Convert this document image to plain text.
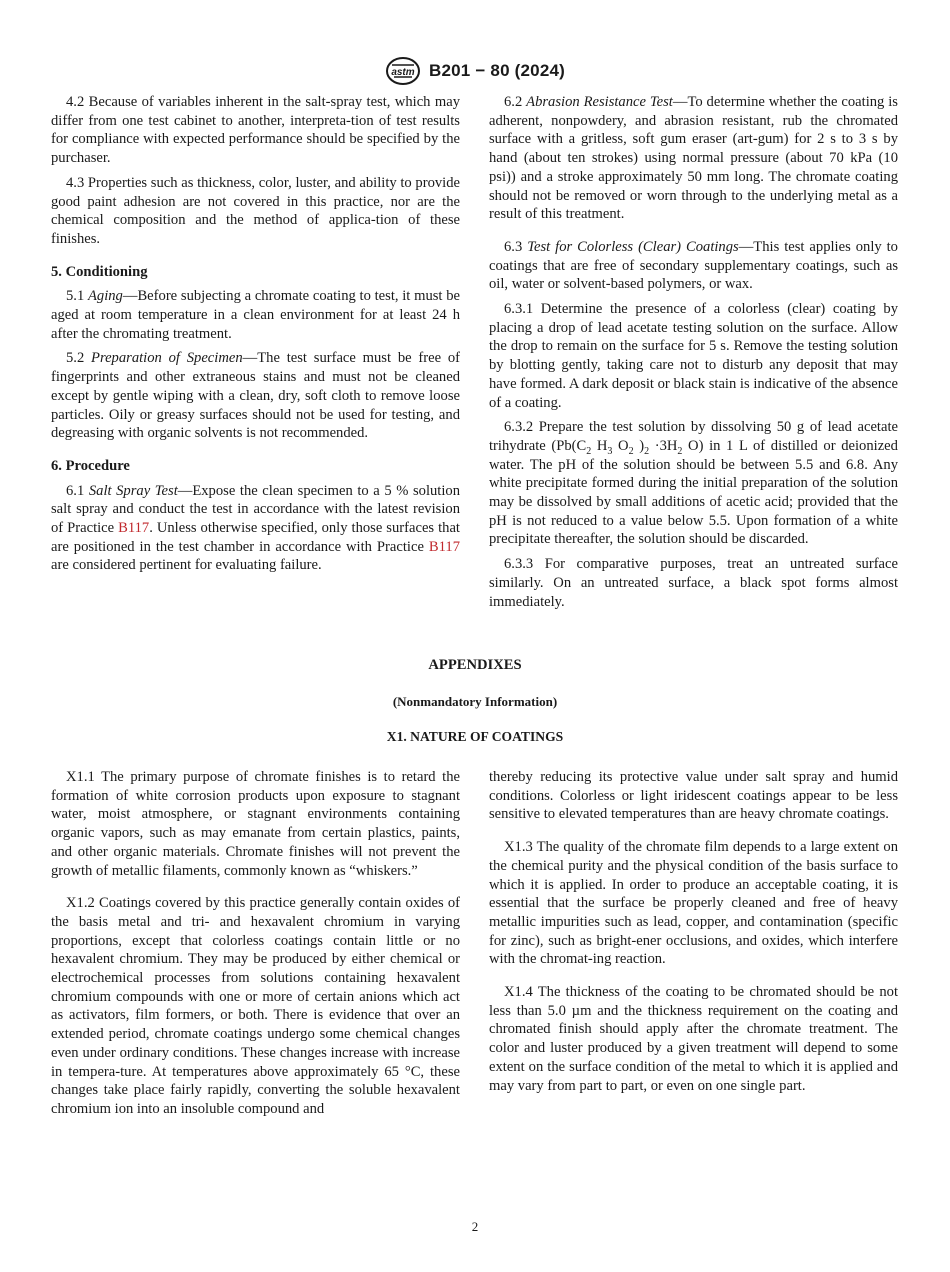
astm B201 − 80 (2024)

4.2 Because of variables inherent in the salt-spray test, which may differ from one test cabinet to another, interpreta-tion of test results for compliance with expected performance should be specified by the purchaser.

4.3 Properties such as thickness, color, luster, and ability to provide good paint adhesion are not covered in this practice, nor are the chemical composition and the method of applica-tion of these finishes.

5. Conditioning

5.1 Aging—Before subjecting a chromate coating to test, it must be aged at room temperature in a clean environment for at least 24 h after the chromating treatment.

5.2 Preparation of Specimen—The test surface must be free of fingerprints and other extraneous stains and must not be cleaned except by gentle wiping with a clean, dry, soft cloth to remove loose particles. Oily or greasy surfaces should not be used for testing, and degreasing with organic solvents is not recommended.

6. Procedure

6.1 Salt Spray Test—Expose the clean specimen to a 5 % solution salt spray and conduct the test in accordance with the latest revision of Practice B117. Unless otherwise specified, only those surfaces that are positioned in the test chamber in accordance with Practice B117 are considered pertinent for evaluating failure.

6.2 Abrasion Resistance Test—To determine whether the coating is adherent, nonpowdery, and abrasion resistant, rub the chromated surface with a gritless, soft gum eraser (art-gum) for 2 s to 3 s by hand (about ten strokes) using normal pressure (about 70 kPa (10 psi)) and a stroke approximately 50 mm long. The chromate coating should not be removed or worn through to the underlying metal as a result of this treatment.

6.3 Test for Colorless (Clear) Coatings—This test applies only to coatings that are free of secondary supplementary coatings, such as oil, water or solvent-based polymers, or wax.

6.3.1 Determine the presence of a colorless (clear) coating by placing a drop of lead acetate testing solution on the surface. Allow the drop to remain on the surface for 5 s. Remove the testing solution by blotting gently, taking care not to disturb any deposit that may have formed. A dark deposit or black stain is indicative of the absence of a coating.

6.3.2 Prepare the test solution by dissolving 50 g of lead acetate trihydrate ($Pb(C_2$ $H_3$ $O_2$ )$_2 \cdot 3H_2$ O) in 1 L of distilled or deionized water. The pH of the solution should be between 5.5 and 6.8. Any white precipitate formed during the initial preparation of the solution may be dissolved by small additions of acetic acid; provided that the pH is not reduced to a value below 5.5. Upon formation of a white precipitate thereafter, the solution should be discarded.

6.3.3 For comparative purposes, treat an untreated surface similarly. On an untreated surface, a black spot forms almost immediately.

APPENDIXES
(Nonmandatory Information)
X1. NATURE OF COATINGS

X1.1 The primary purpose of chromate finishes is to retard the formation of white corrosion products upon exposure to stagnant water, moist atmosphere, or stagnant environments containing organic vapors, such as may emanate from certain plastics, paints, and other organic materials. Chromate finishes will not prevent the growth of metallic filaments, commonly known as “whiskers.”

X1.2 Coatings covered by this practice generally contain oxides of the basis metal and tri- and hexavalent chromium in varying proportions, except that colorless coatings contain little or no hexavalent chromium. They may be produced by either chemical or electrochemical processes from solutions containing hexavalent chromium compounds with one or more of certain anions which act as activators, film formers, or both. There is evidence that over an extended period, chromate coatings undergo some chemical changes even under ordinary conditions. These changes increase with increase in tempera-ture. At temperatures above approximately 65 °C, these changes take place fairly rapidly, converting the soluble hexavalent chromium ion into an insoluble compound and

thereby reducing its protective value under salt spray and humid conditions. Colorless or light iridescent coatings appear to be less sensitive to elevated temperatures than are heavy chromate coatings.

X1.3 The quality of the chromate film depends to a large extent on the chemical purity and the physical condition of the basis surface to which it is applied. In order to produce an acceptable coating, it is essential that the surface be properly cleaned and free of heavy metallic impurities such as lead, copper, and contamination (specific for zinc), such as bright-ener occlusions, and oxides, which interfere with the chromat-ing reaction.

X1.4 The thickness of the coating to be chromated should be not less than 5.0 µm and the thickness requirement on the coating and chromated finish should apply after the chromate treatment. The color and luster produced by a given treatment will depend to some extent on the surface condition of the metal to which it is applied and may vary from part to part, or even on one single part.

2
